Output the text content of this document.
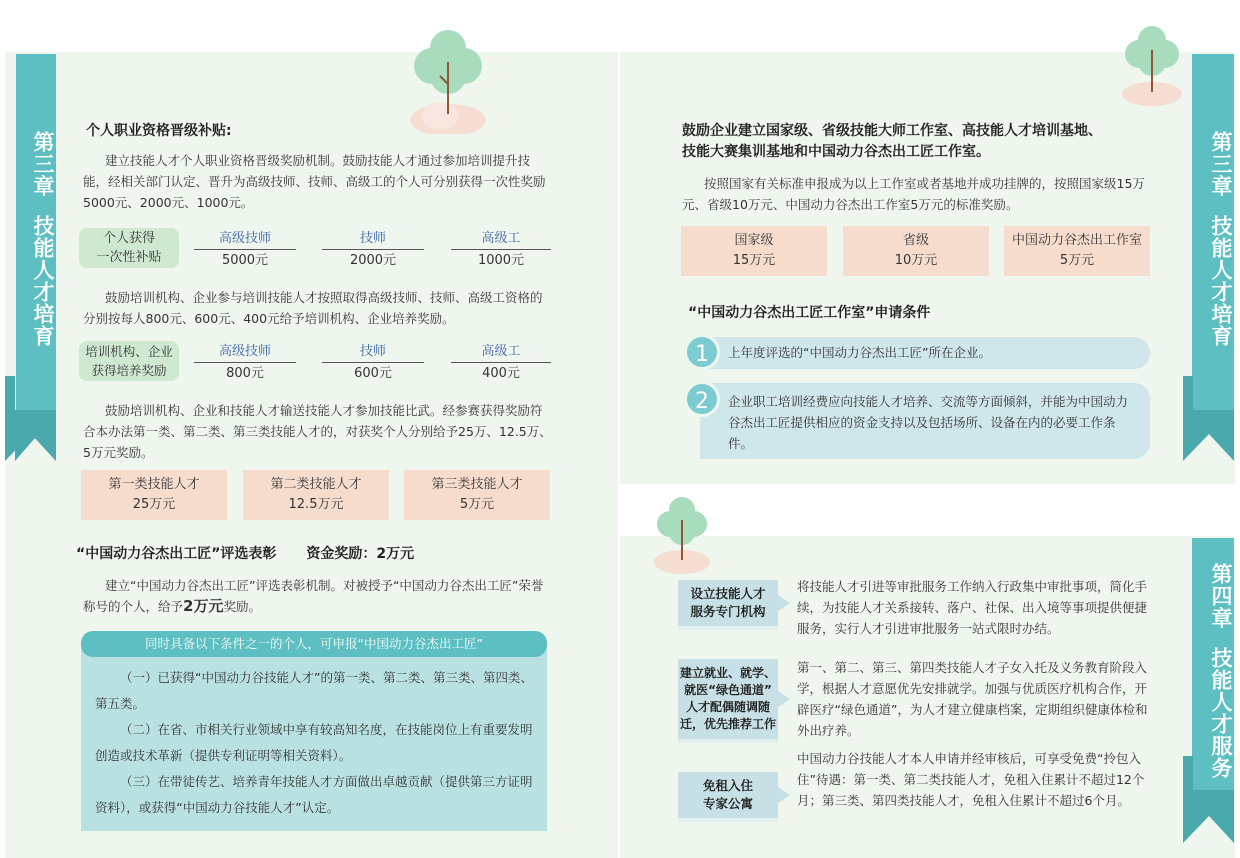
第三章
技能人才培育
个人职业资格晋级补贴:
建立技能人才个人职业资格晋级奖励机制。鼓励技能人才通过参加培训提升技能，经相关部门认定、晋升为高级技师、技师、高级工的个人可分别获得一次性奖励5000元、2000元、1000元。
个人获得
一次性补贴
高级技师
5000元
技师
2000元
高级工
1000元
鼓励培训机构、企业参与培训技能人才按照取得高级技师、技师、高级工资格的分别按每人800元、600元、400元给予培训机构、企业培养奖励。
培训机构、企业
获得培养奖励
高级技师
800元
技师
600元
高级工
400元
鼓励培训机构、企业和技能人才输送技能人才参加技能比武。经参赛获得奖励符合本办法第一类、第二类、第三类技能人才的，对获奖个人分别给予25万、12.5万、5万元奖励。
第一类技能人才
25万元
第二类技能人才
12.5万元
第三类技能人才
5万元
“中国动力谷杰出工匠”评选表彰 资金奖励：2万元
建立“中国动力谷杰出工匠”评选表彰机制。对被授予“中国动力谷杰出工匠”荣誉称号的个人，给予2万元奖励。

（一）已获得“中国动力谷技能人才”的第一类、第二类、第三类、第四类、 第五类。

（二）在省、市相关行业领域中享有较高知名度，在技能岗位上有重要发明创造或技术革新（提供专利证明等相关资料）。

（三）在带徒传艺、培养青年技能人才方面做出卓越贡献（提供第三方证明资料），或获得“中国动力谷技能人才”认定。

同时具备以下条件之一的个人，可申报“中国动力谷杰出工匠”
第三章
技能人才培育
鼓励企业建立国家级、省级技能大师工作室、高技能人才培训基地、
技能大赛集训基地和中国动力谷杰出工匠工作室。
按照国家有关标准申报成为以上工作室或者基地并成功挂牌的，按照国家级15万元、省级10万元、中国动力谷杰出工作室5万元的标准奖励。
国家级
15万元
省级
10万元
中国动力谷杰出工作室
5万元
“中国动力谷杰出工匠工作室”申请条件
上年度评选的“中国动力谷杰出工匠”所在企业。
1
企业职工培训经费应向技能人才培养、交流等方面倾斜，并能为中国动力谷杰出工匠提供相应的资金支持以及包括场所、设备在内的必要工作条件。
2
第四章
技能人才服务
设立技能人才
服务专门机构
将技能人才引进等审批服务工作纳入行政集中审批事项，简化手续，为技能人才关系接转、落户、社保、出入境等事项提供便捷服务，实行人才引进审批服务一站式限时办结。
建立就业、就学、
就医“绿色通道”
人才配偶随调随
迁，优先推荐工作
第一、第二、第三、第四类技能人才子女入托及义务教育阶段入学，根据人才意愿优先安排就学。加强与优质医疗机构合作，开辟医疗“绿色通道”，为人才建立健康档案，定期组织健康体检和外出疗养。
免租入住
专家公寓
中国动力谷技能人才本人申请并经审核后，可享受免费“拎包入住”待遇：第一类、第二类技能人才，免租入住累计不超过12个月；第三类、第四类技能人才，免租入住累计不超过6个月。
